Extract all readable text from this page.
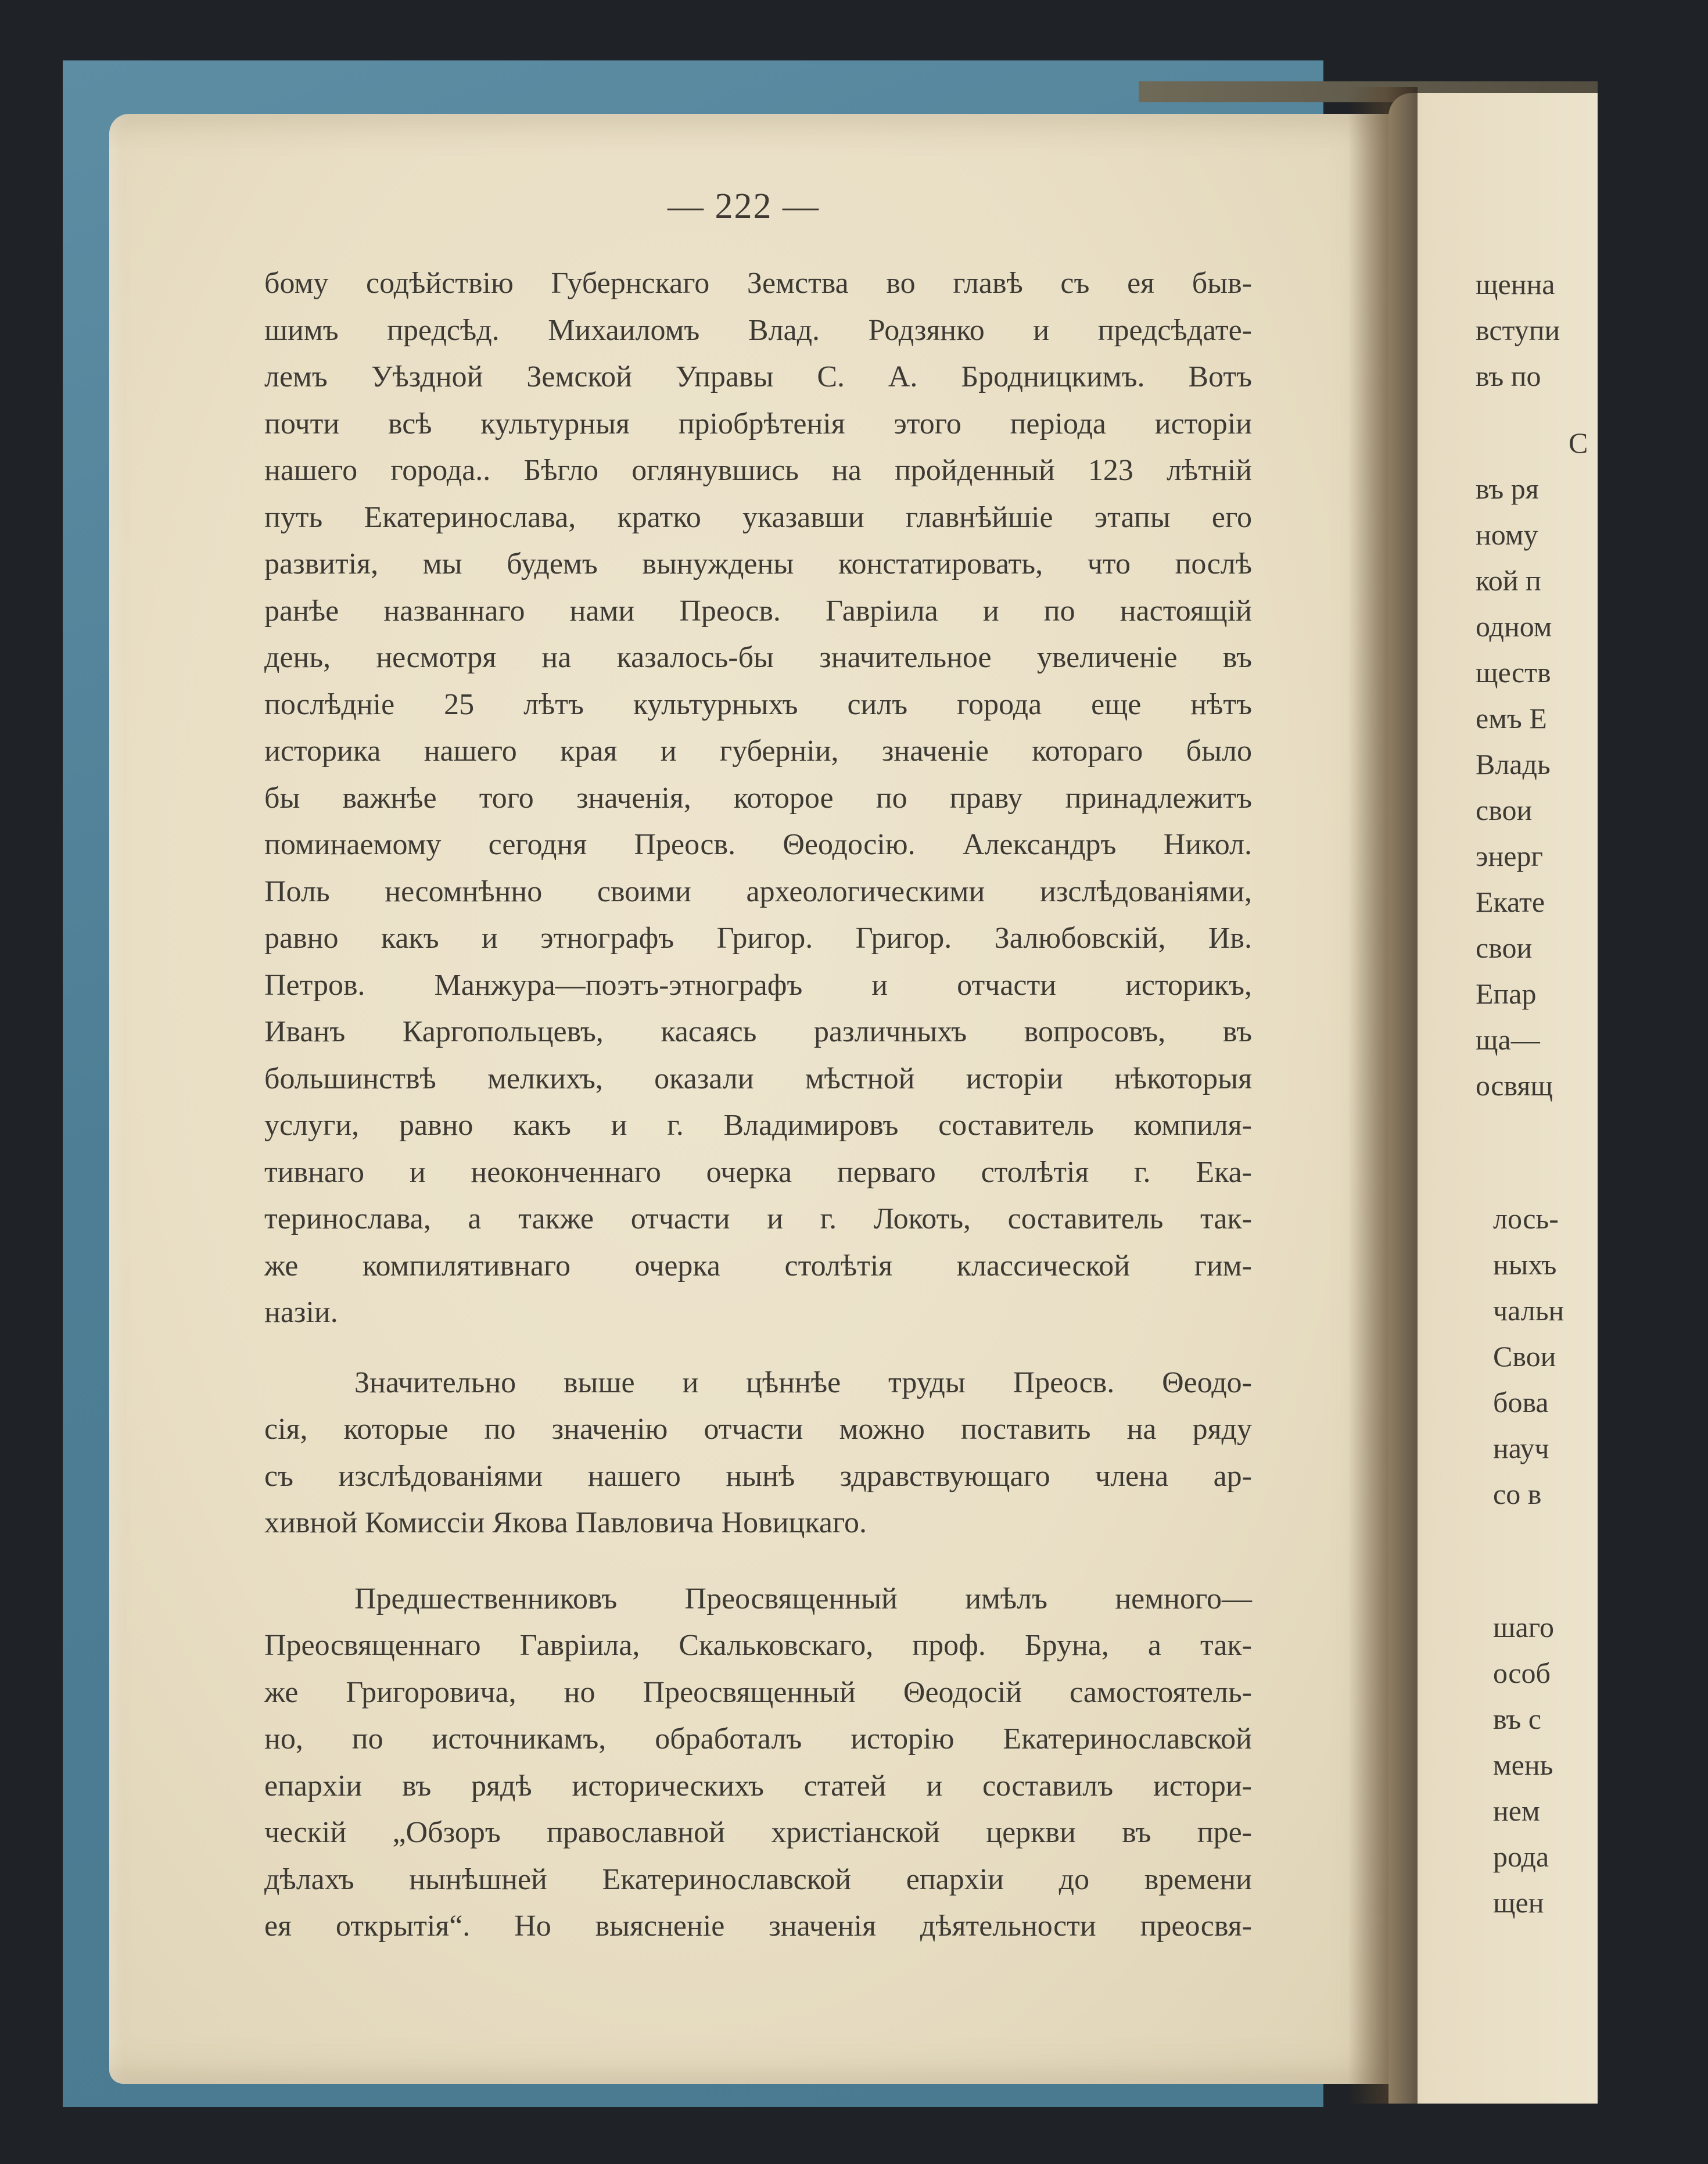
щенна
вступи
въ по
С
въ ря
ному
кой п
одном
ществ
емъ Е
Владь
свои
энерг
Екате
свои
Епар
ща—
освящ
лось-
ныхъ
чальн
Свои
бова
науч
со в
шаго
особ
въ с
мень
нем
рода
щен
— 222 —
бому содѣйствію Губернскаго Земства во главѣ съ ея быв-
шимъ предсѣд. Михаиломъ Влад. Родзянко и предсѣдате-
лемъ Уѣздной Земской Управы С. А. Бродницкимъ. Вотъ
почти всѣ культурныя пріобрѣтенія этого періода исторіи
нашего города.. Бѣгло оглянувшись на пройденный 123 лѣтній
путь Екатеринослава, кратко указавши главнѣйшіе этапы его
развитія, мы будемъ вынуждены констатировать, что послѣ
ранѣе названнаго нами Преосв. Гавріила и по настоящій
день, несмотря на казалось-бы значительное увеличеніе въ
послѣдніе 25 лѣтъ культурныхъ силъ города еще нѣтъ
историка нашего края и губерніи, значеніе котораго было
бы важнѣе того значенія, которое по праву принадлежитъ
поминаемому сегодня Преосв. Θеодосію. Александръ Никол.
Поль несомнѣнно своими археологическими изслѣдованіями,
равно какъ и этнографъ Григор. Григор. Залюбовскій, Ив.
Петров. Манжура—поэтъ-этнографъ и отчасти историкъ,
Иванъ Каргопольцевъ, касаясь различныхъ вопросовъ, въ
большинствѣ мелкихъ, оказали мѣстной исторіи нѣкоторыя
услуги, равно какъ и г. Владимировъ составитель компиля-
тивнаго и неоконченнаго очерка перваго столѣтія г. Ека-
теринослава, а также отчасти и г. Локоть, составитель так-
же компилятивнаго очерка столѣтія классической гим-
назіи.
Значительно выше и цѣннѣе труды Преосв. Θеодо-
сія, которые по значенію отчасти можно поставить на ряду
съ изслѣдованіями нашего нынѣ здравствующаго члена ар-
хивной Комиссіи Якова Павловича Новицкаго.
Предшественниковъ Преосвященный имѣлъ немного—
Преосвященнаго Гавріила, Скальковскаго, проф. Бруна, а так-
же Григоровича, но Преосвященный Θеодосій самостоятель-
но, по источникамъ, обработалъ исторію Екатеринославской
епархіи въ рядѣ историческихъ статей и составилъ истори-
ческій „Обзоръ православной христіанской церкви въ пре-
дѣлахъ нынѣшней Екатеринославской епархіи до времени
ея открытія“. Но выясненіе значенія дѣятельности преосвя-
